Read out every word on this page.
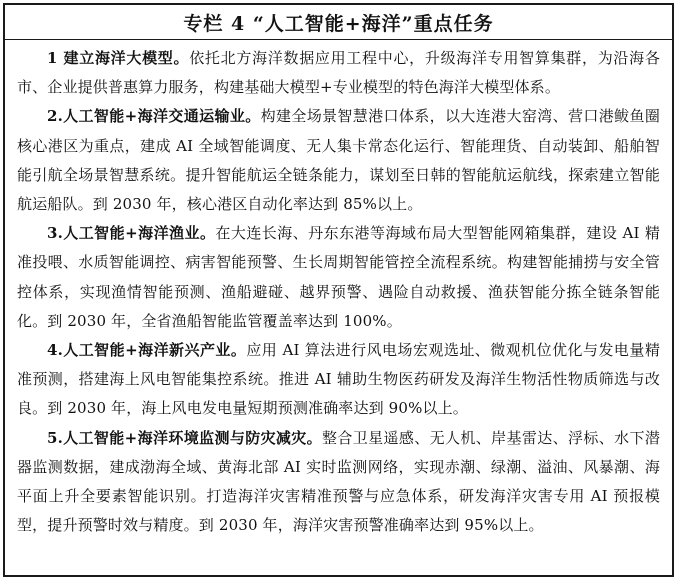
专栏 4 “人工智能+海洋”重点任务

1 建立海洋大模型。依托北方海洋数据应用工程中心，升级海洋专用智算集群，为沿海各市、企业提供普惠算力服务，构建基础大模型+专业模型的特色海洋大模型体系。

2.人工智能+海洋交通运输业。构建全场景智慧港口体系，以大连港大窑湾、营口港鲅鱼圈核心港区为重点，建成 AI 全域智能调度、无人集卡常态化运行、智能理货、自动装卸、船舶智能引航全场景智慧系统。提升智能航运全链条能力，谋划至日韩的智能航运航线，探索建立智能航运船队。到 2030 年，核心港区自动化率达到 85%以上。

3.人工智能+海洋渔业。在大连长海、丹东东港等海域布局大型智能网箱集群，建设 AI 精准投喂、水质智能调控、病害智能预警、生长周期智能管控全流程系统。构建智能捕捞与安全管控体系，实现渔情智能预测、渔船避碰、越界预警、遇险自动救援、渔获智能分拣全链条智能化。到 2030 年，全省渔船智能监管覆盖率达到 100%。

4.人工智能+海洋新兴产业。应用 AI 算法进行风电场宏观选址、微观机位优化与发电量精准预测，搭建海上风电智能集控系统。推进 AI 辅助生物医药研发及海洋生物活性物质筛选与改良。到 2030 年，海上风电发电量短期预测准确率达到 90%以上。

5.人工智能+海洋环境监测与防灾减灾。整合卫星遥感、无人机、岸基雷达、浮标、水下潜器监测数据，建成渤海全域、黄海北部 AI 实时监测网络，实现赤潮、绿潮、溢油、风暴潮、海平面上升全要素智能识别。打造海洋灾害精准预警与应急体系，研发海洋灾害专用 AI 预报模型，提升预警时效与精度。到 2030 年，海洋灾害预警准确率达到 95%以上。
